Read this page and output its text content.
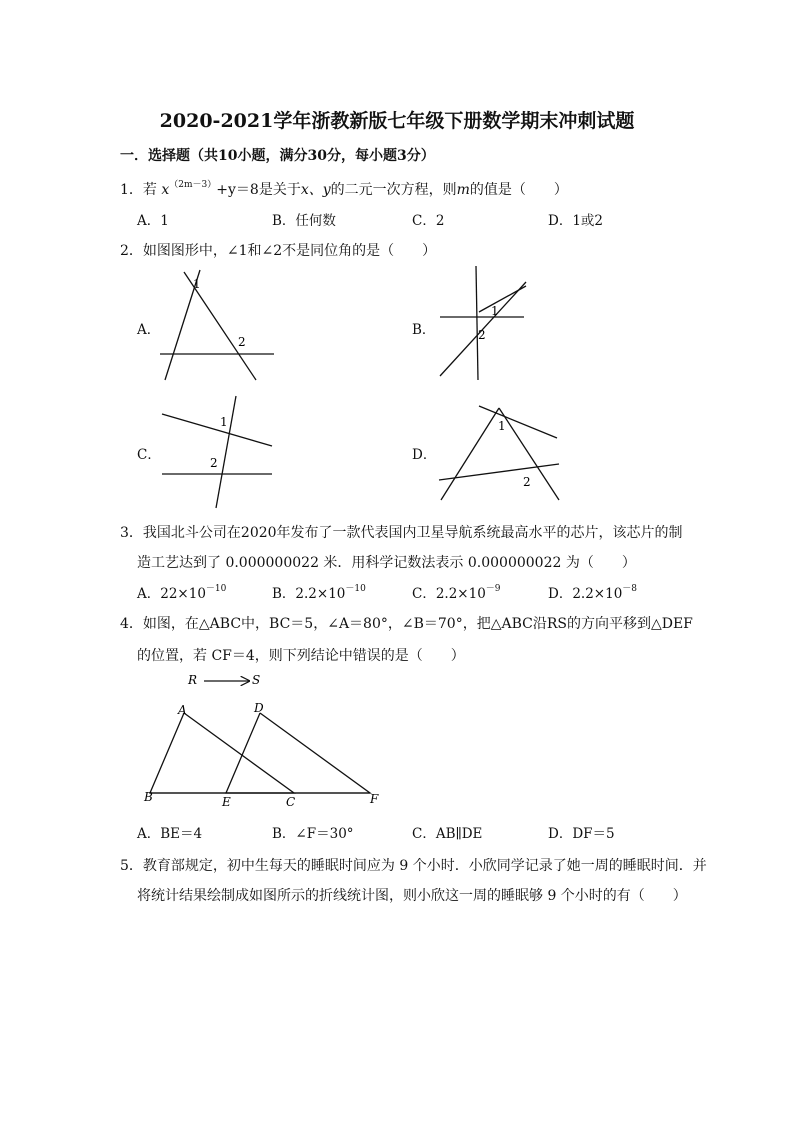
2020-2021学年浙教新版七年级下册数学期末冲刺试题
一．选择题（共10小题，满分30分，每小题3分）
1．若 $x^{(2m-3)}+y=8$是关于x、y的二元一次方程，则m的值是（　　）
A．1	B．任何数	C．2	D．1或2
2．如图图形中，∠1和∠2不是同位角的是（　　）
A．
1
2
B．
1
2
C．
1
2	D．
1
2
3．我国北斗公司在2020年发布了一款代表国内卫星导航系统最高水平的芯片，该芯片的制
造工艺达到了 0.000000022 米．用科学记数法表示 0.000000022 为（　　）
A．$22\times 10^{-10}$	B．$2.2\times 10^{-10}$	C．$2.2\times 10^{-9}$	D．$2.2\times 10^{-8}$
4．如图，在△ABC中，BC＝5，∠A＝80°，∠B＝70°，把△ABC沿RS的方向平移到△DEF
的位置，若 CF＝4，则下列结论中错误的是（　　）
R	S
A	D
B	E	C	F
A．BE＝4	B．∠F＝30°	C．AB∥DE	D．DF＝5
5．教育部规定，初中生每天的睡眠时间应为 9 个小时．小欣同学记录了她一周的睡眠时间．并
将统计结果绘制成如图所示的折线统计图，则小欣这一周的睡眠够 9 个小时的有（　　）
